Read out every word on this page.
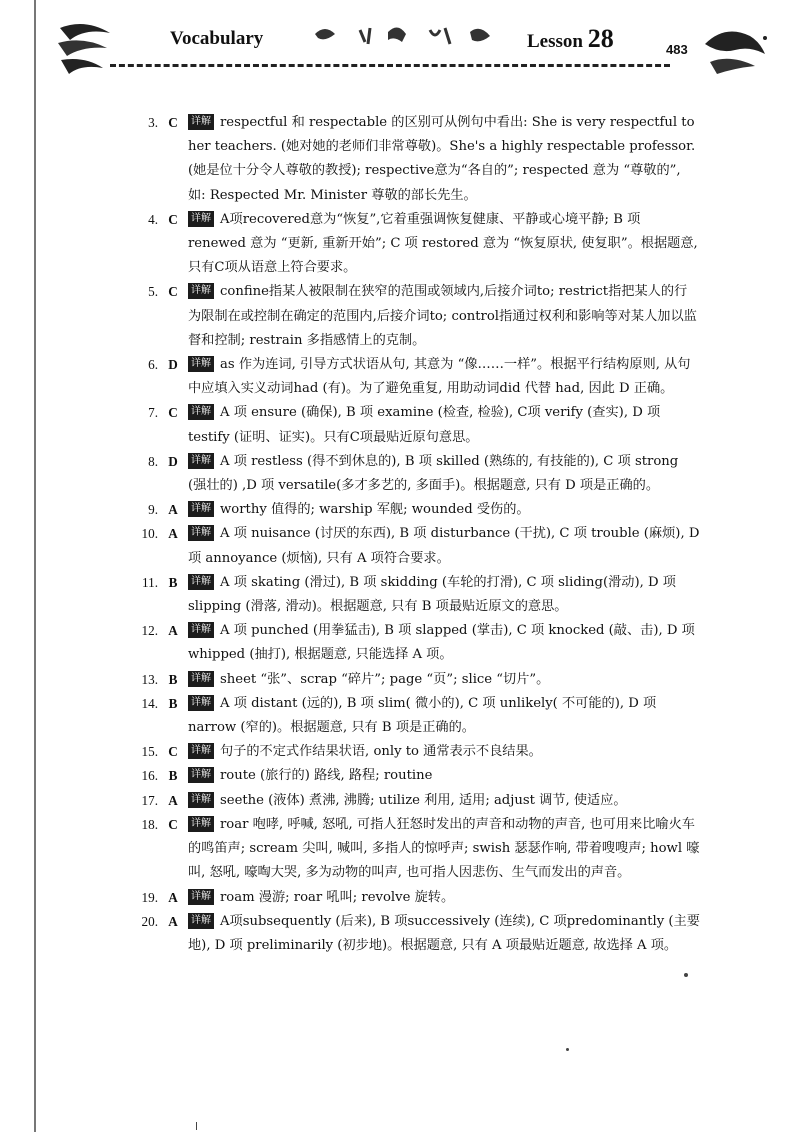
Vocabulary	Lesson 28	483
3. C	详解 respectful 和 respectable 的区别可从例句中看出: She is very respectful to her teachers. (她对她的老师们非常尊敬)。She's a highly respectable professor.(她是位十分令人尊敬的教授); respective意为“各自的”; respected 意为 “尊敬的”, 如: Respected Mr. Minister 尊敬的部长先生。
4. C	详解 A项recovered意为“恢复”,它着重强调恢复健康、平静或心境平静; B 项 renewed 意为 “更新, 重新开始”; C 项 restored 意为 “恢复原状, 使复职”。根据题意, 只有C项从语意上符合要求。
5. C	详解 confine指某人被限制在狭窄的范围或领域内,后接介词to; restrict指把某人的行为限制在或控制在确定的范围内,后接介词to; control指通过权利和影响等对某人加以监督和控制; restrain 多指感情上的克制。
6. D	详解 as 作为连词, 引导方式状语从句, 其意为 “像……一样”。根据平行结构原则, 从句中应填入实义动词had (有)。为了避免重复, 用助动词did 代替 had, 因此 D 正确。
7. C	详解 A 项 ensure (确保), B 项 examine (检查, 检验), C项 verify (查实), D 项 testify (证明、证实)。只有C项最贴近原句意思。
8. D	详解 A 项 restless (得不到休息的), B 项 skilled (熟练的, 有技能的), C 项 strong (强壮的) ,D 项 versatile(多才多艺的, 多面手)。根据题意, 只有 D 项是正确的。
9. A	详解 worthy 值得的; warship 军舰; wounded 受伤的。
10. A	详解 A 项 nuisance (讨厌的东西), B 项 disturbance (干扰), C 项 trouble (麻烦), D 项 annoyance (烦恼), 只有 A 项符合要求。
11. B	详解 A 项 skating (滑过), B 项 skidding (车轮的打滑), C 项 sliding(滑动), D 项 slipping (滑落, 滑动)。根据题意, 只有 B 项最贴近原文的意思。
12. A	详解 A 项 punched (用拳猛击), B 项 slapped (掌击), C 项 knocked (敲、击), D 项 whipped (抽打), 根据题意, 只能选择 A 项。
13. B	详解 sheet “张”、scrap “碎片”; page “页”; slice “切片”。
14. B	详解 A 项 distant (远的), B 项 slim( 微小的), C 项 unlikely( 不可能的), D 项 narrow (窄的)。根据题意, 只有 B 项是正确的。
15. C	详解 句子的不定式作结果状语, only to 通常表示不良结果。
16. B	详解 route (旅行的) 路线, 路程; routine
17. A	详解 seethe (液体) 煮沸, 沸腾; utilize 利用, 适用; adjust 调节, 使适应。
18. C	详解 roar 咆哮, 呼喊, 怒吼, 可指人狂怒时发出的声音和动物的声音, 也可用来比喻火车的鸣笛声; scream 尖叫, 喊叫, 多指人的惊呼声; swish 瑟瑟作响, 带着嗖嗖声; howl 嚎叫, 怒吼, 嚎啕大哭, 多为动物的叫声, 也可指人因悲伤、生气而发出的声音。
19. A	详解 roam 漫游; roar 吼叫; revolve 旋转。
20. A	详解 A项subsequently (后来), B 项successively (连续), C 项predominantly (主要地), D 项 preliminarily (初步地)。根据题意, 只有 A 项最贴近题意, 故选择 A 项。
